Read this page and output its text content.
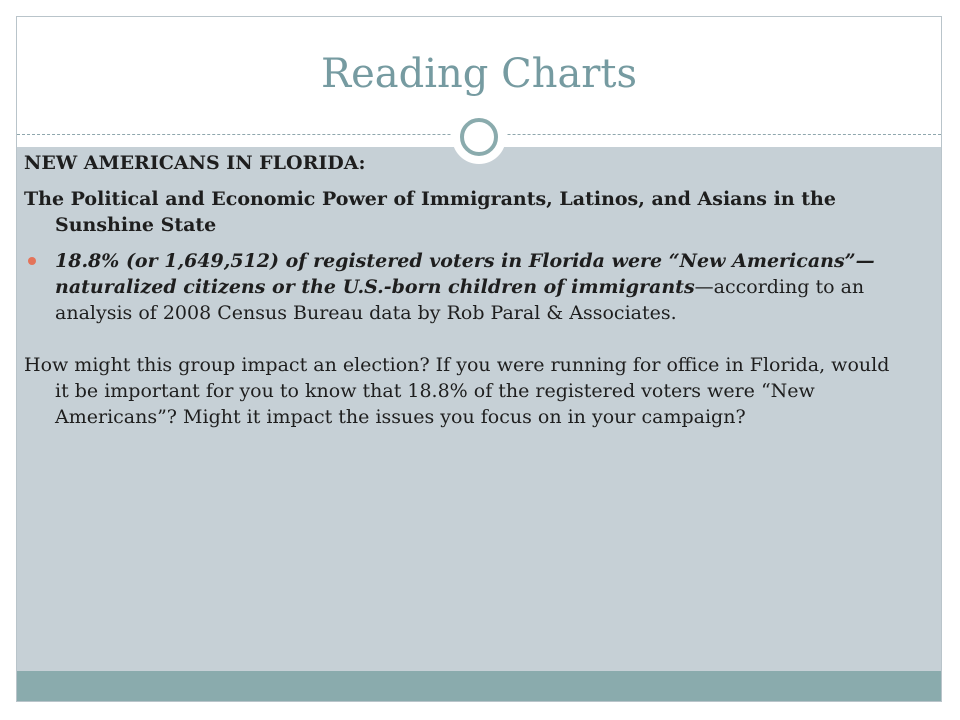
Reading Charts

NEW AMERICANS IN FLORIDA:

The Political and Economic Power of Immigrants, Latinos, and Asians in the Sunshine State

18.8% (or 1,649,512) of registered voters in Florida were “New Americans”—naturalized citizens or the U.S.-born children of immigrants—according to an analysis of 2008 Census Bureau data by Rob Paral & Associates.

How might this group impact an election? If you were running for office in Florida, would it be important for you to know that 18.8% of the registered voters were “New Americans”? Might it impact the issues you focus on in your campaign?
